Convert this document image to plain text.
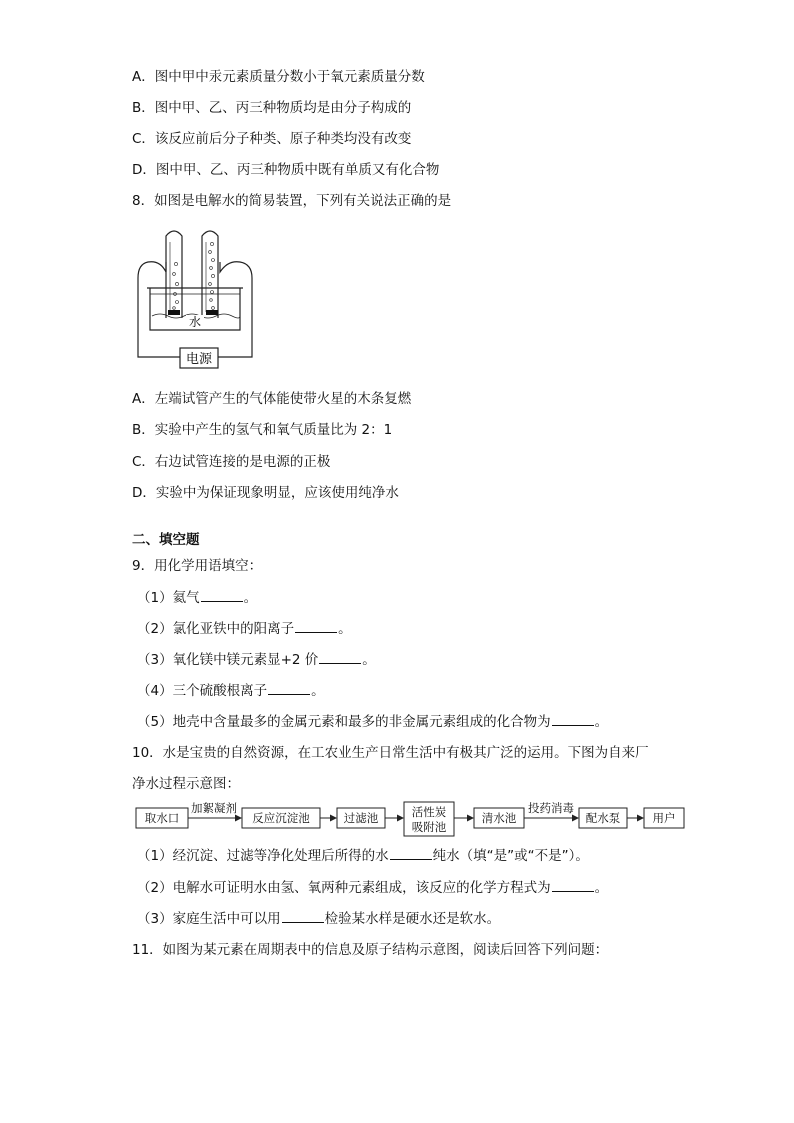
A．图中甲中汞元素质量分数小于氧元素质量分数
B．图中甲、乙、丙三种物质均是由分子构成的
C．该反应前后分子种类、原子种类均没有改变
D．图中甲、乙、丙三种物质中既有单质又有化合物
8．如图是电解水的简易装置，下列有关说法正确的是
电源
水
A．左端试管产生的气体能使带火星的木条复燃
B．实验中产生的氢气和氧气质量比为 2：1
C．右边试管连接的是电源的正极
D．实验中为保证现象明显，应该使用纯净水
二、填空题
9．用化学用语填空：
（1）氦气	。
（2）氯化亚铁中的阳离子	。
（3）氧化镁中镁元素显+2 价	。
（4）三个硫酸根离子	。
（5）地壳中含量最多的金属元素和最多的非金属元素组成的化合物为	。
10．水是宝贵的自然资源，在工农业生产日常生活中有极其广泛的运用。下图为自来厂
净水过程示意图：
取水口	反应沉淀池	过滤池	活性炭
吸附池
清水池	配水泵	用户
加絮凝剂	投药消毒
（1）经沉淀、过滤等净化处理后所得的水	纯水（填“是”或“不是”）。
（2）电解水可证明水由氢、氧两种元素组成，该反应的化学方程式为	。
（3）家庭生活中可以用	检验某水样是硬水还是软水。
11．如图为某元素在周期表中的信息及原子结构示意图，阅读后回答下列问题：
